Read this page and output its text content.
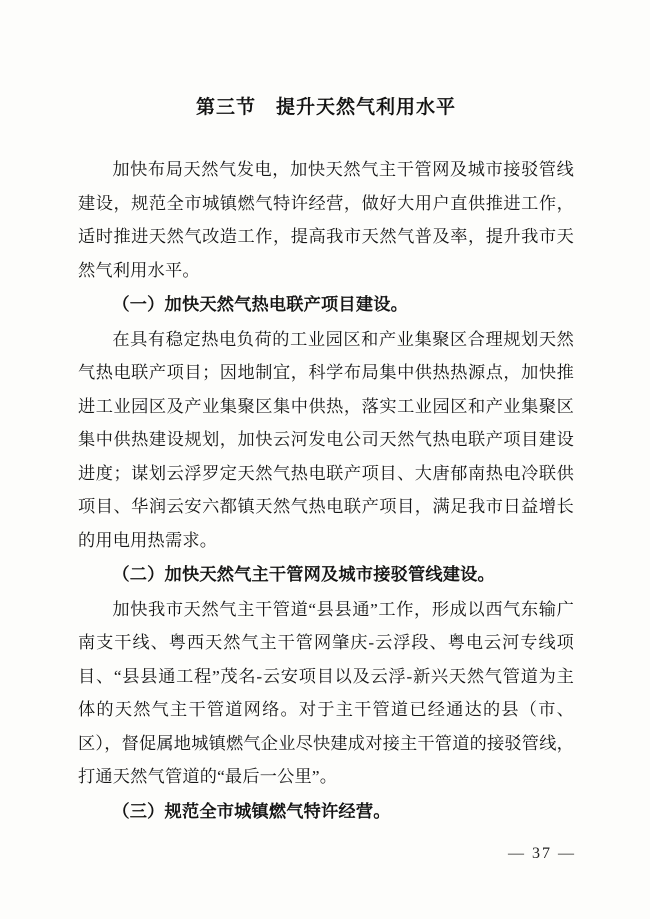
第三节　提升天然气利用水平

加快布局天然气发电，加快天然气主干管网及城市接驳管线建设，规范全市城镇燃气特许经营，做好大用户直供推进工作，适时推进天然气改造工作，提高我市天然气普及率，提升我市天然气利用水平。

（一）加快天然气热电联产项目建设。

在具有稳定热电负荷的工业园区和产业集聚区合理规划天然气热电联产项目；因地制宜，科学布局集中供热热源点，加快推进工业园区及产业集聚区集中供热，落实工业园区和产业集聚区集中供热建设规划，加快云河发电公司天然气热电联产项目建设进度；谋划云浮罗定天然气热电联产项目、大唐郁南热电冷联供项目、华润云安六都镇天然气热电联产项目，满足我市日益增长的用电用热需求。

（二）加快天然气主干管网及城市接驳管线建设。

加快我市天然气主干管道“县县通”工作，形成以西气东输广南支干线、粤西天然气主干管网肇庆-云浮段、粤电云河专线项目、“县县通工程”茂名-云安项目以及云浮-新兴天然气管道为主体的天然气主干管道网络。对于主干管道已经通达的县（市、区），督促属地城镇燃气企业尽快建成对接主干管道的接驳管线，打通天然气管道的“最后一公里”。

（三）规范全市城镇燃气特许经营。

— 37 —
